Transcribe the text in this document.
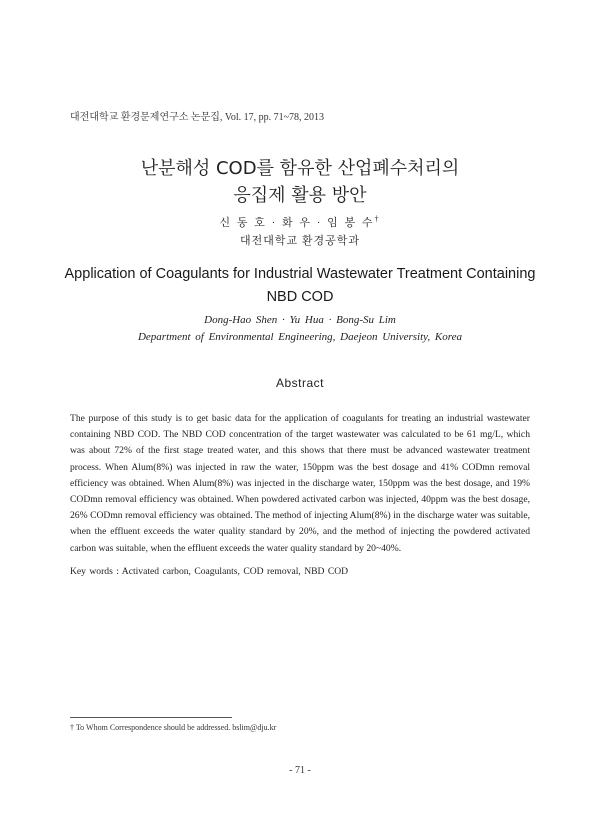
대전대학교 환경문제연구소 논문집, Vol. 17, pp. 71~78, 2013
난분해성 COD를 함유한 산업폐수처리의
응집제 활용 방안
신 동 호 · 화 우 · 임 봉 수†
대전대학교 환경공학과
Application of Coagulants for Industrial Wastewater Treatment Containing
NBD COD
Dong-Hao Shen · Yu Hua · Bong-Su Lim
Department of Environmental Engineering, Daejeon University, Korea
Abstract

The purpose of this study is to get basic data for the application of coagulants for treating an industrial wastewater containing NBD COD. The NBD COD concentration of the target wastewater was calculated to be 61 mg/L, which was about 72% of the first stage treated water, and this shows that there must be advanced wastewater treatment process. When Alum(8%) was injected in raw the water, 150ppm was the best dosage and 41% CODmn removal efficiency was obtained. When Alum(8%) was injected in the discharge water, 150ppm was the best dosage, and 19% CODmn removal efficiency was obtained. When powdered activated carbon was injected, 40ppm was the best dosage, 26% CODmn removal efficiency was obtained. The method of injecting Alum(8%) in the discharge water was suitable, when the effluent exceeds the water quality standard by 20%, and the method of injecting the powdered activated carbon was suitable, when the effluent exceeds the water quality standard by 20~40%.

Key words : Activated carbon, Coagulants, COD removal, NBD COD
† To Whom Correspondence should be addressed. bslim@dju.kr
- 71 -
